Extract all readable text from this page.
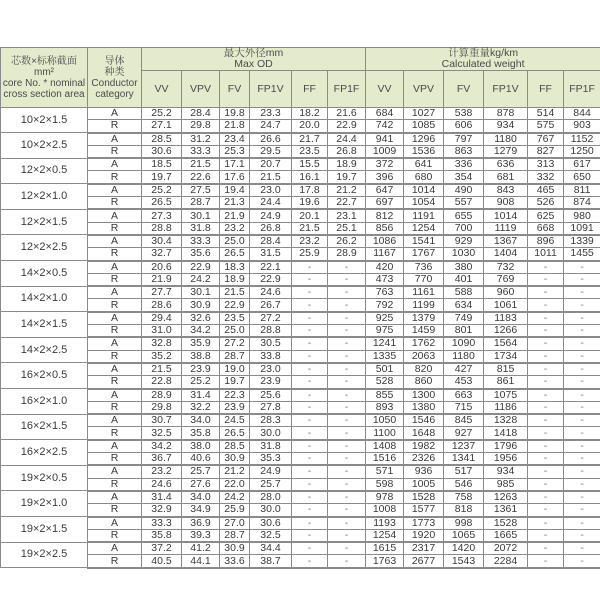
芯数×标称截面
mm²
core No. * nominal
cross section area

导体
种类
Conductor
category

最大外径mm
Max OD

计算重量kg/km
Calculated weight

		VV	VPV	FV	FP1V	FF	FP1F	VV	VPV	FV	FP1V	FF	FP1F
10×2×1.5	A	25.2	28.4	19.8	23.3	18.2	21.6	684	1027	538	878	514	844
	R	27.1	29.8	21.8	24.7	20.0	22.9	742	1085	606	934	575	903
10×2×2.5	A	28.5	31.2	23.4	26.6	21.7	24.4	941	1296	797	1180	767	1152
	R	30.6	33.3	25.3	29.5	23.5	26.8	1009	1536	863	1279	827	1250
12×2×0.5	A	18.5	21.5	17.1	20.7	15.5	18.9	372	641	336	636	313	617
	R	19.7	22.6	17.6	21.5	16.1	19.7	396	680	354	681	332	650
12×2×1.0	A	25.2	27.5	19.4	23.0	17.8	21.2	647	1014	490	843	465	811
	R	26.5	28.7	21.3	24.4	19.6	22.7	697	1054	557	908	526	874
12×2×1.5	A	27.3	30.1	21.9	24.9	20.1	23.1	812	1191	655	1014	625	980
	R	28.8	31.8	23.2	26.8	21.5	25.1	856	1254	700	1119	668	1091
12×2×2.5	A	30.4	33.3	25.0	28.4	23.2	26.2	1086	1541	929	1367	896	1339
	R	32.7	35.6	26.5	31.5	25.9	28.9	1167	1767	1030	1404	1011	1455
14×2×0.5	A	20.6	22.9	18.3	22.1	-	-	420	736	380	732	-	-
	R	21.9	24.2	18.9	22.9	-	-	473	770	401	769	-	-
14×2×1.0	A	27.7	30.1	21.5	24.6	-	-	763	1161	588	960	-	-
	R	28.6	30.9	22.9	26.7	-	-	792	1199	634	1061	-	-
14×2×1.5	A	29.4	32.6	23.5	27.2	-	-	925	1379	749	1183	-	-
	R	31.0	34.2	25.0	28.8	-	-	975	1459	801	1266	-	-
14×2×2.5	A	32.8	35.9	27.2	30.5	-	-	1241	1762	1090	1564	-	-
	R	35.2	38.8	28.7	33.8	-	-	1335	2063	1180	1734	-	-
16×2×0.5	A	21.5	23.9	19.0	23.0	-	-	501	820	427	815	-	-
	R	22.8	25.2	19.7	23.9	-	-	528	860	453	861	-	-
16×2×1.0	A	28.9	31.4	22.3	25.6	-	-	855	1300	663	1075	-	-
	R	29.8	32.2	23.9	27.8	-	-	893	1380	715	1186	-	-
16×2×1.5	A	30.7	34.0	24.5	28.3	-	-	1050	1546	845	1328	-	-
	R	32.5	35.8	26.5	30.0	-	-	1100	1648	927	1418	-	-
16×2×2.5	A	34.2	38.0	28.5	31.8	-	-	1408	1982	1237	1796	-	-
	R	36.7	40.6	30.9	35.3	-	-	1516	2326	1341	1956	-	-
19×2×0.5	A	23.2	25.7	21.2	24.9	-	-	571	936	517	934	-	-
	R	24.6	27.6	22.0	25.7	-	-	598	1005	546	985	-	-
19×2×1.0	A	31.4	34.0	24.2	28.0	-	-	978	1528	758	1263	-	-
	R	32.9	34.9	25.9	30.0	-	-	1008	1577	818	1361	-	-
19×2×1.5	A	33.3	36.9	27.0	30.6	-	-	1193	1773	998	1528	-	-
	R	35.8	39.3	28.7	32.5	-	-	1254	1920	1065	1665	-	-
19×2×2.5	A	37.2	41.2	30.9	34.4	-	-	1615	2317	1420	2072	-	-
	R	40.5	44.1	33.6	38.7	-	-	1763	2677	1543	2284	-	-
